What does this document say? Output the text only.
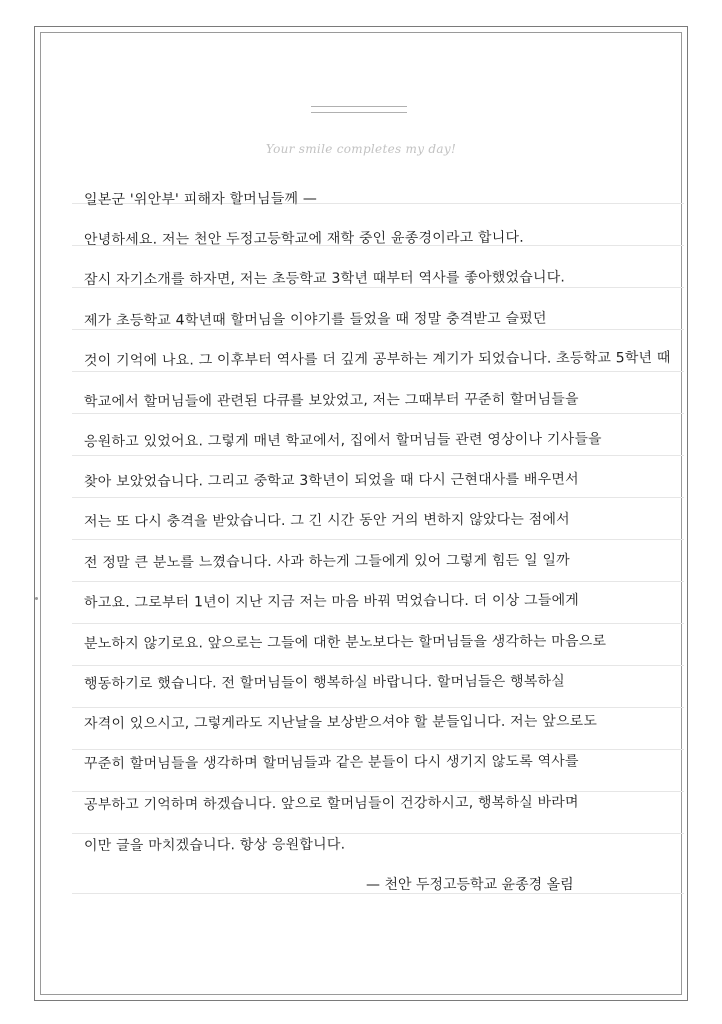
Your smile completes my day!
일본군 '위안부' 피해자 할머님들께 —
안녕하세요. 저는 천안 두정고등학교에 재학 중인 윤종경이라고 합니다.
잠시 자기소개를 하자면, 저는 초등학교 3학년 때부터 역사를 좋아했었습니다.
제가 초등학교 4학년때 할머님을 이야기를 들었을 때 정말 충격받고 슬펐던
것이 기억에 나요. 그 이후부터 역사를 더 깊게 공부하는 계기가 되었습니다. 초등학교 5학년 때
학교에서 할머님들에 관련된 다큐를 보았었고, 저는 그때부터 꾸준히 할머님들을
응원하고 있었어요. 그렇게 매년 학교에서, 집에서 할머님들 관련 영상이나 기사들을
찾아 보았었습니다. 그리고 중학교 3학년이 되었을 때 다시 근현대사를 배우면서
저는 또 다시 충격을 받았습니다. 그 긴 시간 동안 거의 변하지 않았다는 점에서
전 정말 큰 분노를 느꼈습니다. 사과 하는게 그들에게 있어 그렇게 힘든 일 일까
하고요. 그로부터 1년이 지난 지금 저는 마음 바꿔 먹었습니다. 더 이상 그들에게
분노하지 않기로요. 앞으로는 그들에 대한 분노보다는 할머님들을 생각하는 마음으로
행동하기로 했습니다. 전 할머님들이 행복하실 바랍니다. 할머님들은 행복하실
자격이 있으시고, 그렇게라도 지난날을 보상받으셔야 할 분들입니다. 저는 앞으로도
꾸준히 할머님들을 생각하며 할머님들과 같은 분들이 다시 생기지 않도록 역사를
공부하고 기억하며 하겠습니다. 앞으로 할머님들이 건강하시고, 행복하실 바라며
이만 글을 마치겠습니다. 항상 응원합니다.
— 천안 두정고등학교 윤종경 올림
